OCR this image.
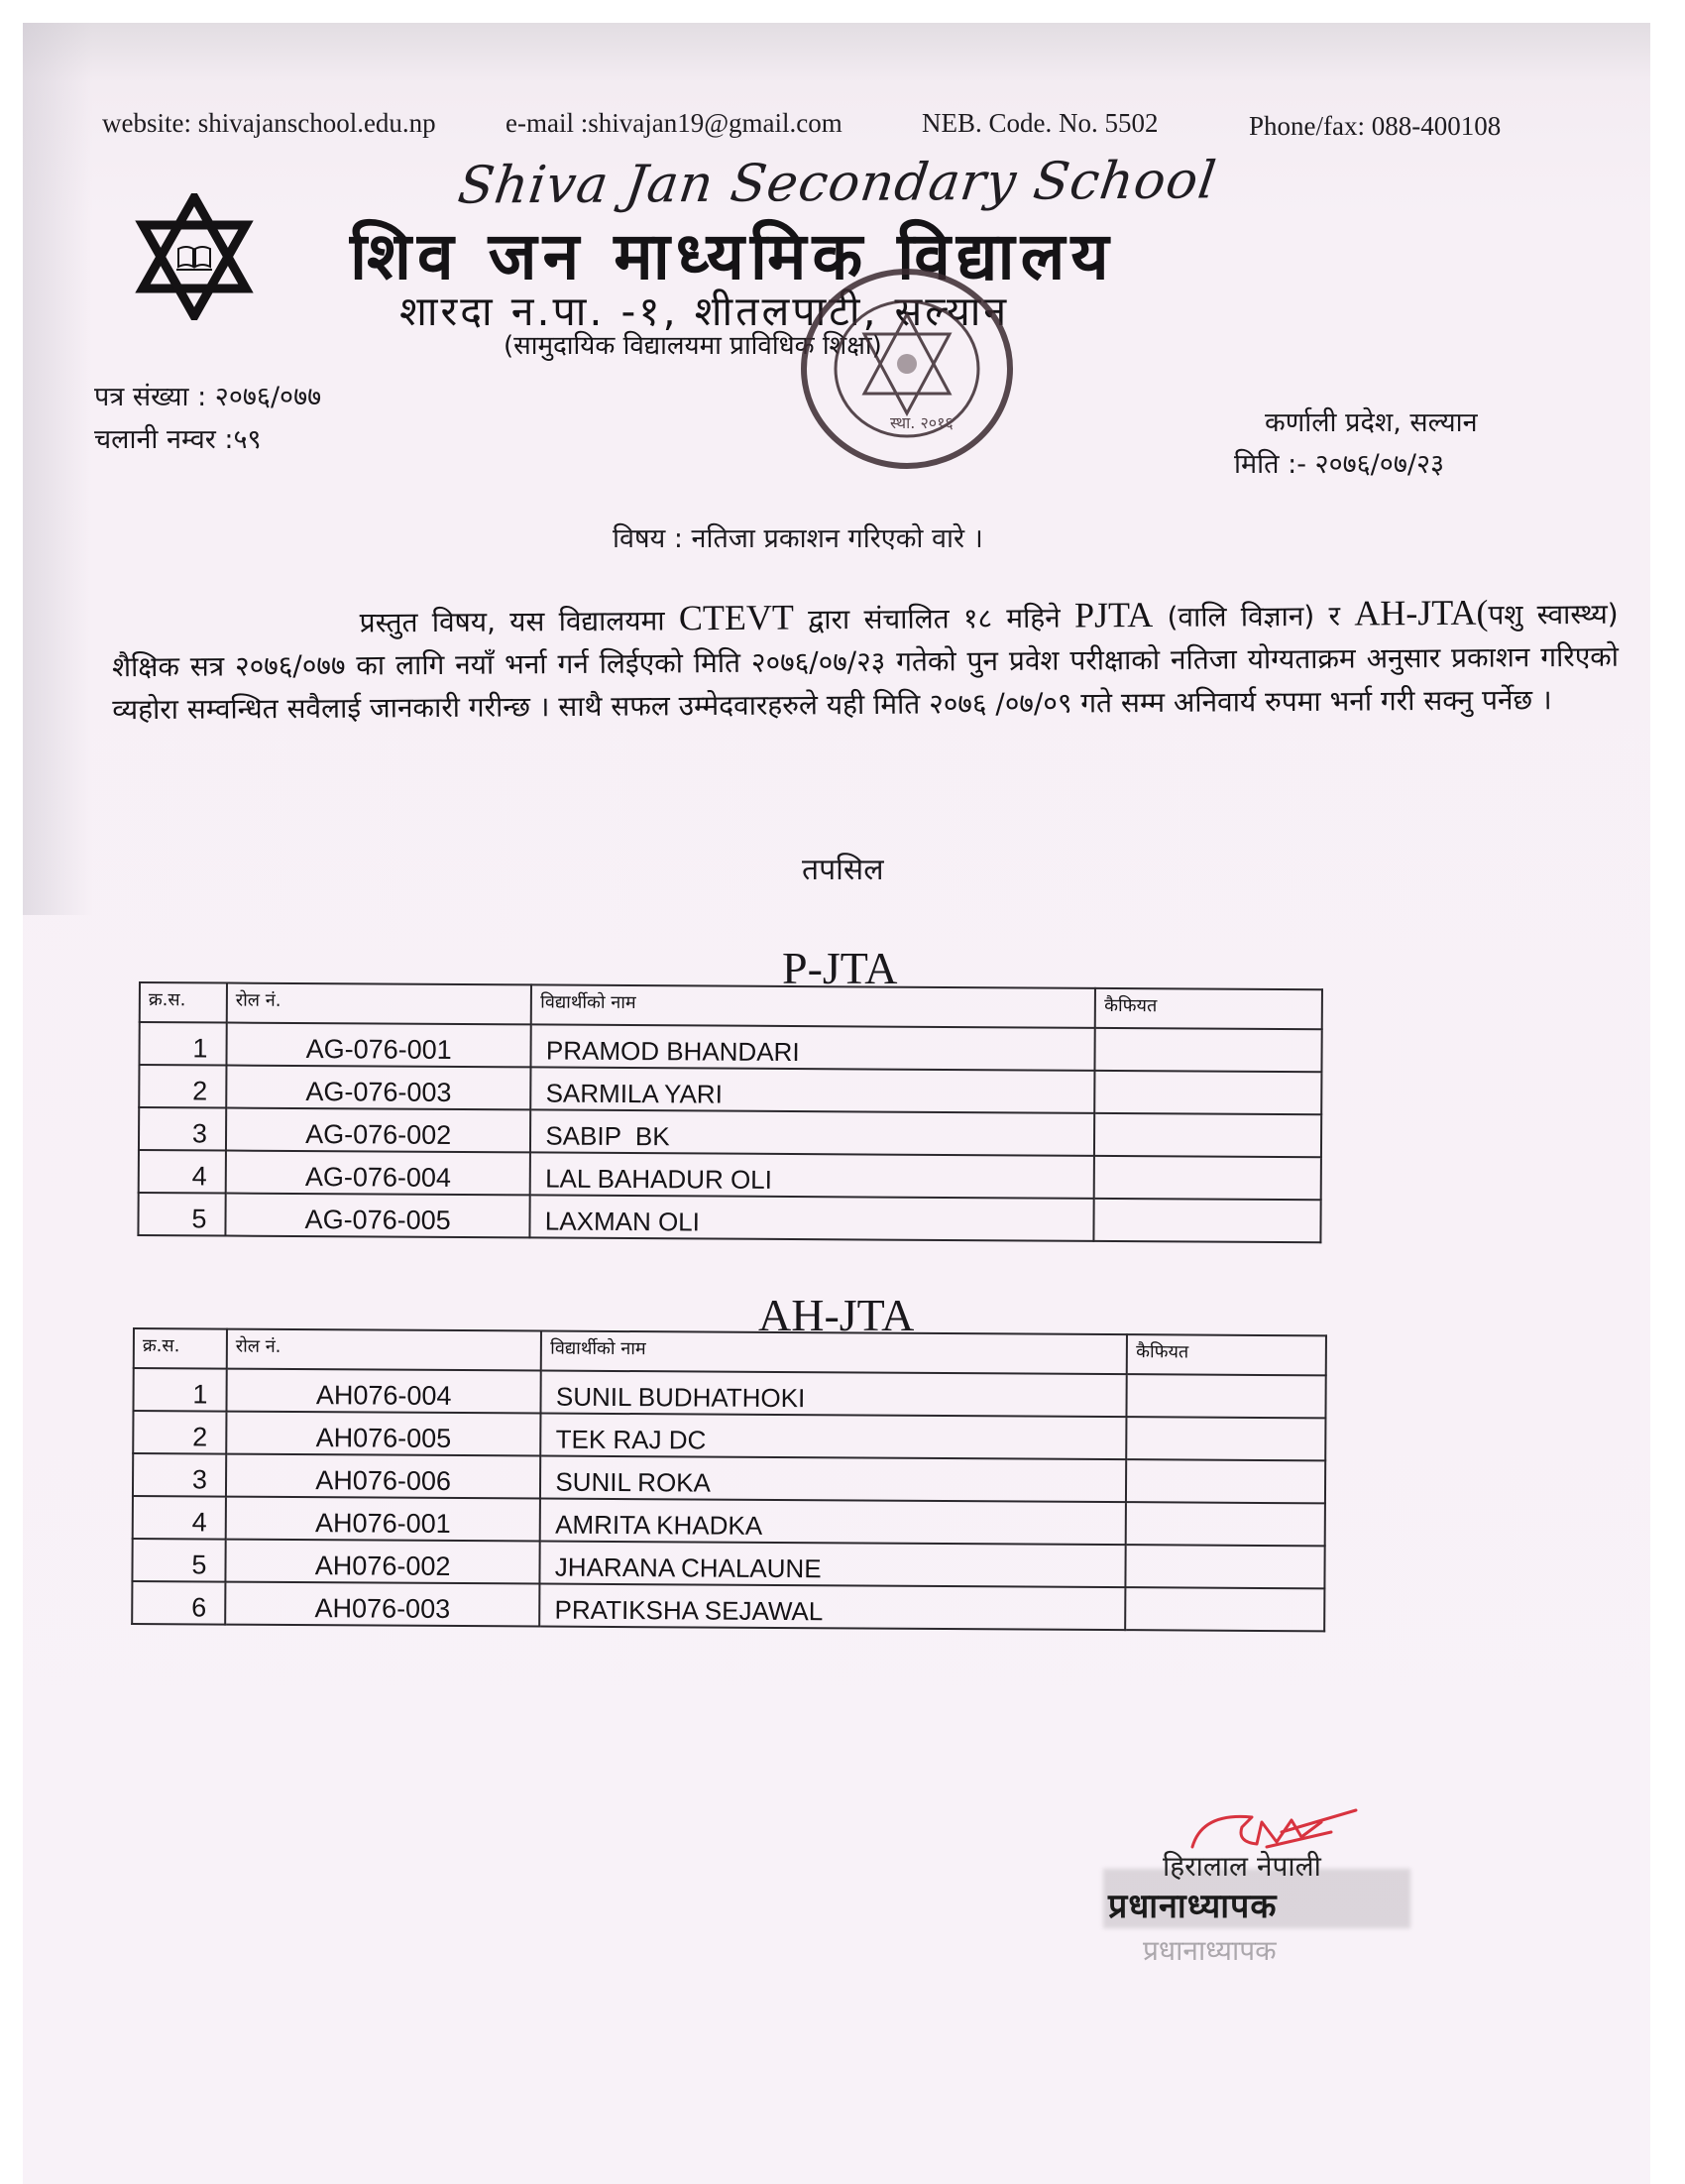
website: shivajanschool.edu.np	e-mail :shivajan19@gmail.com	NEB. Code. No. 5502	Phone/fax: 088-400108
Shiva Jan Secondary School
शिव जन माध्यमिक विद्यालय
शारदा न.पा. -१, शीतलपाटी, सल्यान
(सामुदायिक विद्यालयमा प्राविधिक शिक्षा)
स्था. २०१६
पत्र संख्या : २०७६/०७७
चलानी नम्वर :५९
कर्णाली प्रदेश, सल्यान
मिति :- २०७६/०७/२३
विषय : नतिजा प्रकाशन गरिएको वारे ।
प्रस्तुत विषय, यस विद्यालयमा CTEVT द्वारा संचालित १८ महिने PJTA (वालि विज्ञान) र AH-JTA(पशु स्वास्थ्य) शैक्षिक सत्र २०७६/०७७ का लागि नयाँ भर्ना गर्न लिईएको मिति २०७६/०७/२३ गतेको पुन प्रवेश परीक्षाको नतिजा योग्यताक्रम अनुसार प्रकाशन गरिएको व्यहोरा सम्वन्धित सवैलाई जानकारी गरीन्छ । साथै सफल उम्मेदवारहरुले यही मिति २०७६ /०७/०९ गते सम्म अनिवार्य रुपमा भर्ना गरी सक्नु पर्नेछ ।
तपसिल
P-JTA
क्र.स.	रोल नं.	विद्यार्थीको नाम	कैफियत
1	AG-076-001	PRAMOD BHANDARI	
2	AG-076-003	SARMILA YARI	
3	AG-076-002	SABIP  BK	
4	AG-076-004	LAL BAHADUR OLI	
5	AG-076-005	LAXMAN OLI	
AH-JTA
क्र.स.	रोल नं.	विद्यार्थीको नाम	कैफियत
1	AH076-004	SUNIL BUDHATHOKI	
2	AH076-005	TEK RAJ DC	
3	AH076-006	SUNIL ROKA	
4	AH076-001	AMRITA KHADKA	
5	AH076-002	JHARANA CHALAUNE	
6	AH076-003	PRATIKSHA SEJAWAL	
हिरालाल नेपाली
प्रधानाध्यापक
प्रधानाध्यापक
